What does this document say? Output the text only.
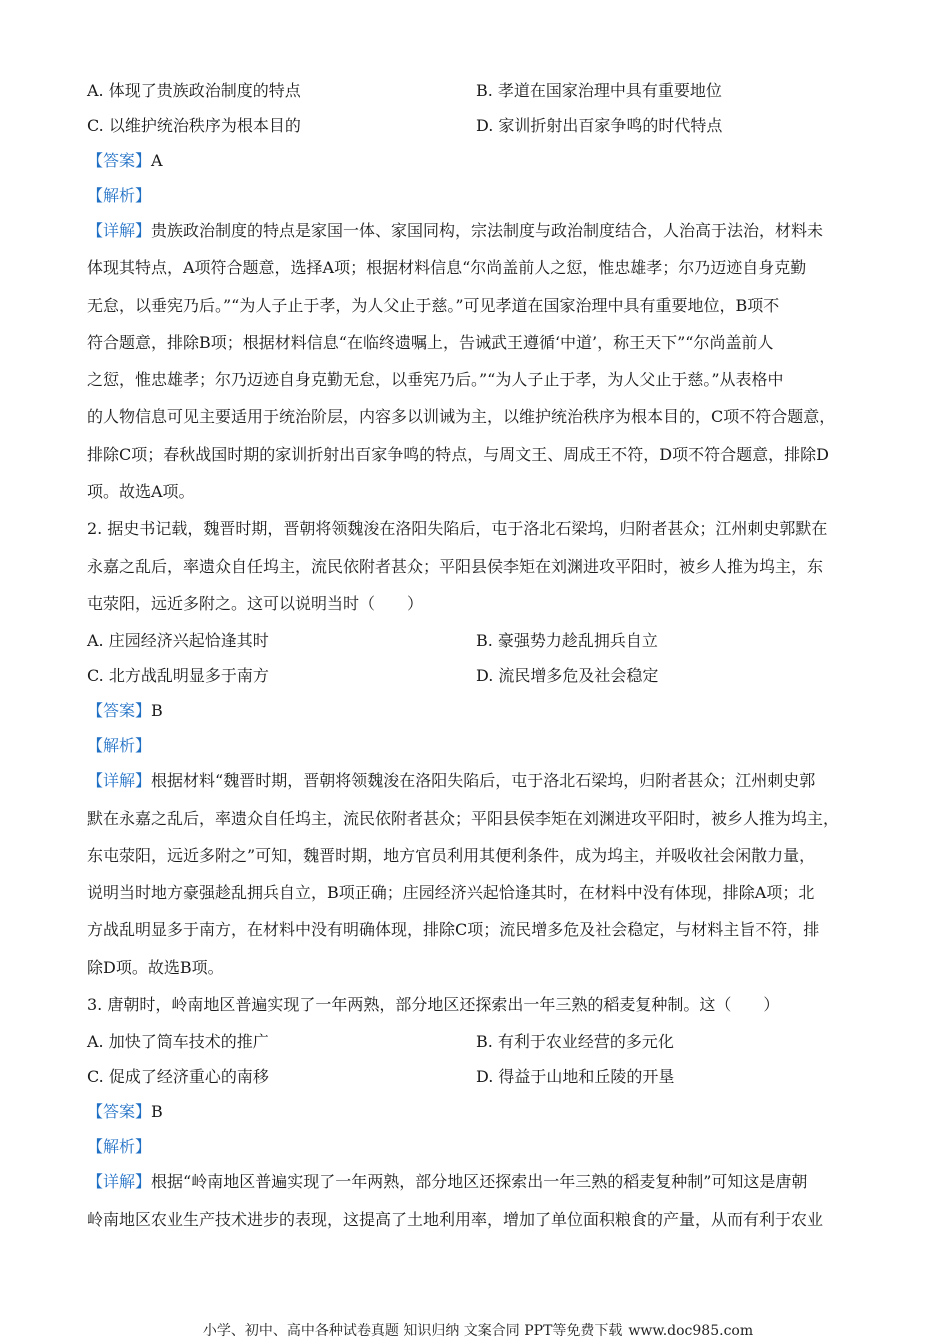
A. 体现了贵族政治制度的特点	B. 孝道在国家治理中具有重要地位
C. 以维护统治秩序为根本目的	D. 家训折射出百家争鸣的时代特点
【答案】A
【解析】
【详解】贵族政治制度的特点是家国一体、家国同构，宗法制度与政治制度结合，人治高于法治，材料未
体现其特点，A项符合题意，选择A项；根据材料信息“尔尚盖前人之愆，惟忠雄孝；尔乃迈迹自身克勤
无怠，以垂宪乃后。”“为人子止于孝，为人父止于慈。”可见孝道在国家治理中具有重要地位，B项不
符合题意，排除B项；根据材料信息“在临终遗嘱上，告诫武王遵循‘中道’，称王天下”“尔尚盖前人
之愆，惟忠雄孝；尔乃迈迹自身克勤无怠，以垂宪乃后。”“为人子止于孝，为人父止于慈。”从表格中
的人物信息可见主要适用于统治阶层，内容多以训诫为主，以维护统治秩序为根本目的，C项不符合题意，
排除C项；春秋战国时期的家训折射出百家争鸣的特点，与周文王、周成王不符，D项不符合题意，排除D
项。故选A项。
2. 据史书记载，魏晋时期，晋朝将领魏浚在洛阳失陷后，屯于洛北石梁坞，归附者甚众；江州刺史郭默在
永嘉之乱后，率遗众自任坞主，流民依附者甚众；平阳县侯李矩在刘渊进攻平阳时，被乡人推为坞主，东
屯荥阳，远近多附之。这可以说明当时（　　）
A. 庄园经济兴起恰逢其时	B. 豪强势力趁乱拥兵自立
C. 北方战乱明显多于南方	D. 流民增多危及社会稳定
【答案】B
【解析】
【详解】根据材料“魏晋时期，晋朝将领魏浚在洛阳失陷后，屯于洛北石梁坞，归附者甚众；江州刺史郭
默在永嘉之乱后，率遗众自任坞主，流民依附者甚众；平阳县侯李矩在刘渊进攻平阳时，被乡人推为坞主，
东屯荥阳，远近多附之”可知，魏晋时期，地方官员利用其便利条件，成为坞主，并吸收社会闲散力量，
说明当时地方豪强趁乱拥兵自立，B项正确；庄园经济兴起恰逢其时，在材料中没有体现，排除A项；北
方战乱明显多于南方，在材料中没有明确体现，排除C项；流民增多危及社会稳定，与材料主旨不符，排
除D项。故选B项。
3. 唐朝时，岭南地区普遍实现了一年两熟，部分地区还探索出一年三熟的稻麦复种制。这（　　）
A. 加快了筒车技术的推广	B. 有利于农业经营的多元化
C. 促成了经济重心的南移	D. 得益于山地和丘陵的开垦
【答案】B
【解析】
【详解】根据“岭南地区普遍实现了一年两熟，部分地区还探索出一年三熟的稻麦复种制”可知这是唐朝
岭南地区农业生产技术进步的表现，这提高了土地利用率，增加了单位面积粮食的产量，从而有利于农业
小学、初中、高中各种试卷真题 知识归纳 文案合同 PPT等免费下载 www.doc985.com
